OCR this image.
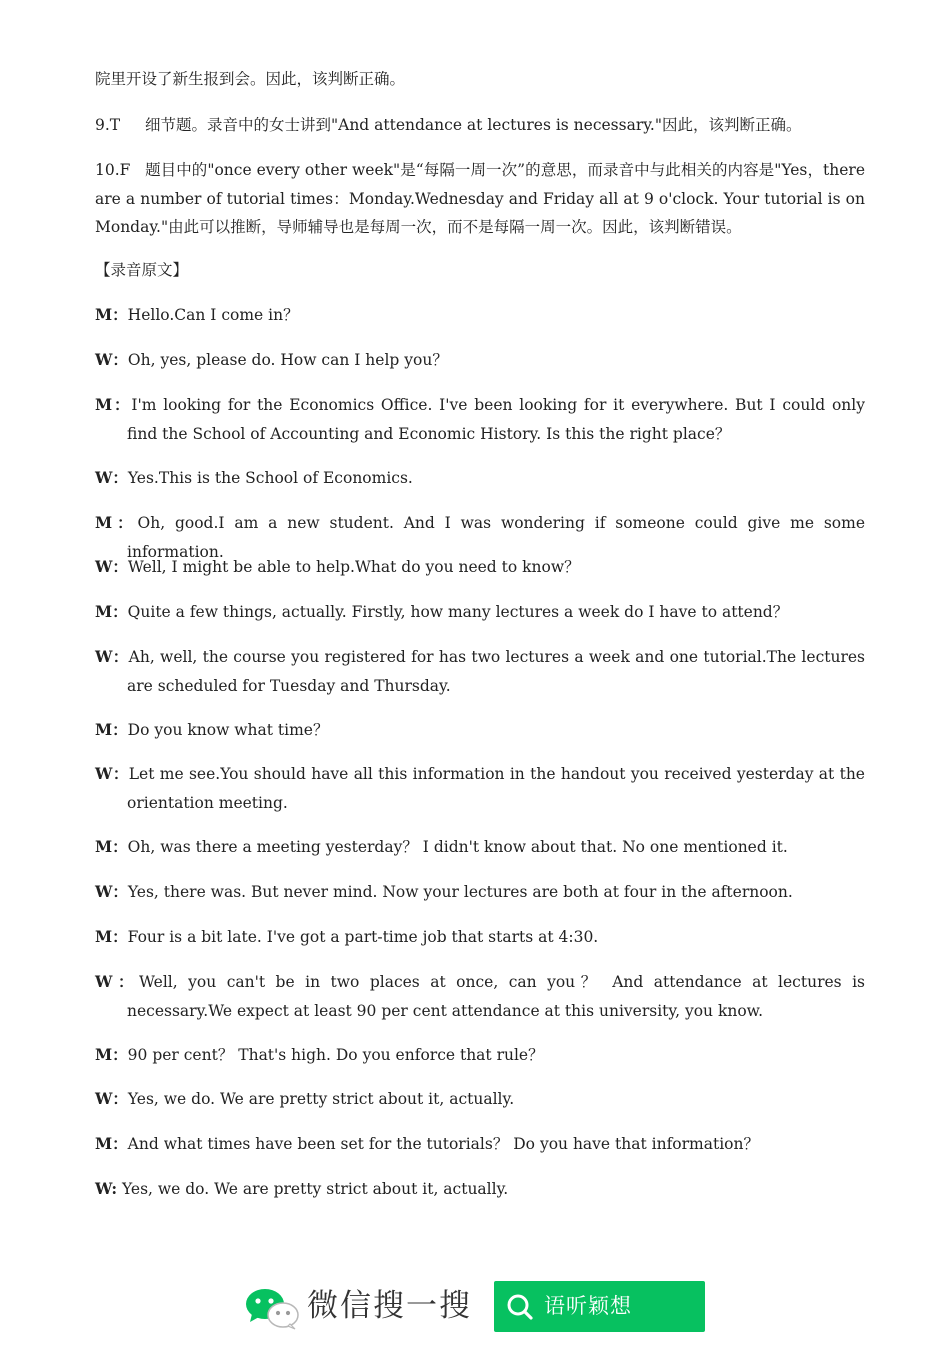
院里开设了新生报到会。因此，该判断正确。
9.T 细节题。录音中的女士讲到"And attendance at lectures is necessary."因此，该判断正确。
10.F 题目中的"once every other week"是“每隔一周一次”的意思，而录音中与此相关的内容是"Yes，there are a number of tutorial times：Monday.Wednesday and Friday all at 9 o'clock. Your tutorial is on Monday."由此可以推断，导师辅导也是每周一次，而不是每隔一周一次。因此，该判断错误。
【录音原文】
M：Hello.Can I come in？
W：Oh, yes, please do. How can I help you？
M：I'm looking for the Economics Office. I've been looking for it everywhere. But I could only find the School of Accounting and Economic History. Is this the right place？
W：Yes.This is the School of Economics.
M：Oh, good.I am a new student. And I was wondering if someone could give me some information.
W：Well, I might be able to help.What do you need to know？
M：Quite a few things, actually. Firstly, how many lectures a week do I have to attend？
W：Ah, well, the course you registered for has two lectures a week and one tutorial.The lectures are scheduled for Tuesday and Thursday.
M：Do you know what time？
W：Let me see.You should have all this information in the handout you received yesterday at the orientation meeting.
M：Oh, was there a meeting yesterday？ I didn't know about that. No one mentioned it.
W：Yes, there was. But never mind. Now your lectures are both at four in the afternoon.
M：Four is a bit late. I've got a part-time job that starts at 4:30.
W：Well, you can't be in two places at once, can you？ And attendance at lectures is necessary.We expect at least 90 per cent attendance at this university, you know.
M：90 per cent？ That's high. Do you enforce that rule？
W：Yes, we do. We are pretty strict about it, actually.
M：And what times have been set for the tutorials？ Do you have that information？
W: Yes, we do. We are pretty strict about it, actually.
微信搜一搜	语听颖想
